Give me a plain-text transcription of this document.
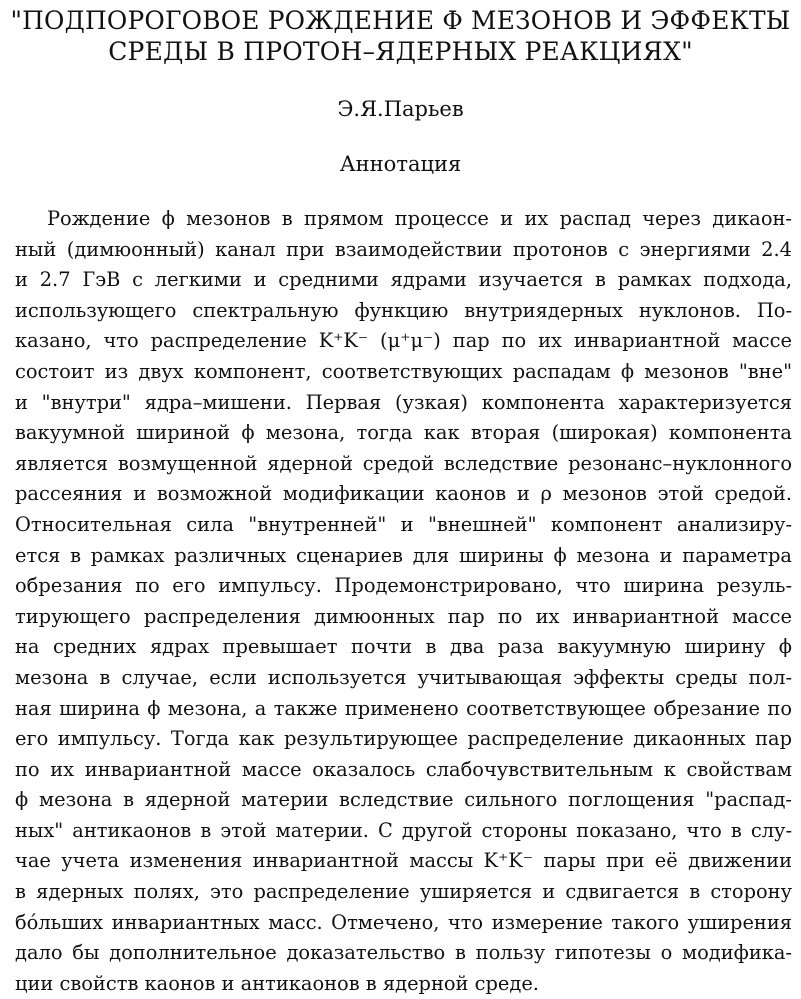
"ПОДПОРОГОВОЕ РОЖДЕНИЕ Φ МЕЗОНОВ И ЭФФЕКТЫ
СРЕДЫ В ПРОТОН–ЯДЕРНЫХ РЕАКЦИЯХ"
Э.Я.Парьев
Аннотация
Рождение ϕ мезонов в прямом процессе и их распад через дикаон-
ный (димюонный) канал при взаимодействии протонов с энергиями 2.4
и 2.7 ГэВ с легкими и средними ядрами изучается в рамках подхода,
использующего спектральную функцию внутриядерных нуклонов. По-
казано, что распределение K⁺K⁻ (μ⁺μ⁻) пар по их инвариантной массе
состоит из двух компонент, соответствующих распадам ϕ мезонов "вне"
и "внутри" ядра–мишени. Первая (узкая) компонента характеризуется
вакуумной шириной ϕ мезона, тогда как вторая (широкая) компонента
является возмущенной ядерной средой вследствие резонанс–нуклонного
рассеяния и возможной модификации каонов и ρ мезонов этой средой.
Относительная сила "внутренней" и "внешней" компонент анализиру-
ется в рамках различных сценариев для ширины ϕ мезона и параметра
обрезания по его импульсу. Продемонстрировано, что ширина резуль-
тирующего распределения димюонных пар по их инвариантной массе
на средних ядрах превышает почти в два раза вакуумную ширину ϕ
мезона в случае, если используется учитывающая эффекты среды пол-
ная ширина ϕ мезона, а также применено соответствующее обрезание по
его импульсу. Тогда как результирующее распределение дикаонных пар
по их инвариантной массе оказалось слабочувствительным к свойствам
ϕ мезона в ядерной материи вследствие сильного поглощения "распад-
ных" антикаонов в этой материи. С другой стороны показано, что в слу-
чае учета изменения инвариантной массы K⁺K⁻ пары при её движении
в ядерных полях, это распределение уширяется и сдвигается в сторону
бóльших инвариантных масс. Отмечено, что измерение такого уширения
дало бы дополнительное доказательство в пользу гипотезы о модифика-
ции свойств каонов и антикаонов в ядерной среде.
